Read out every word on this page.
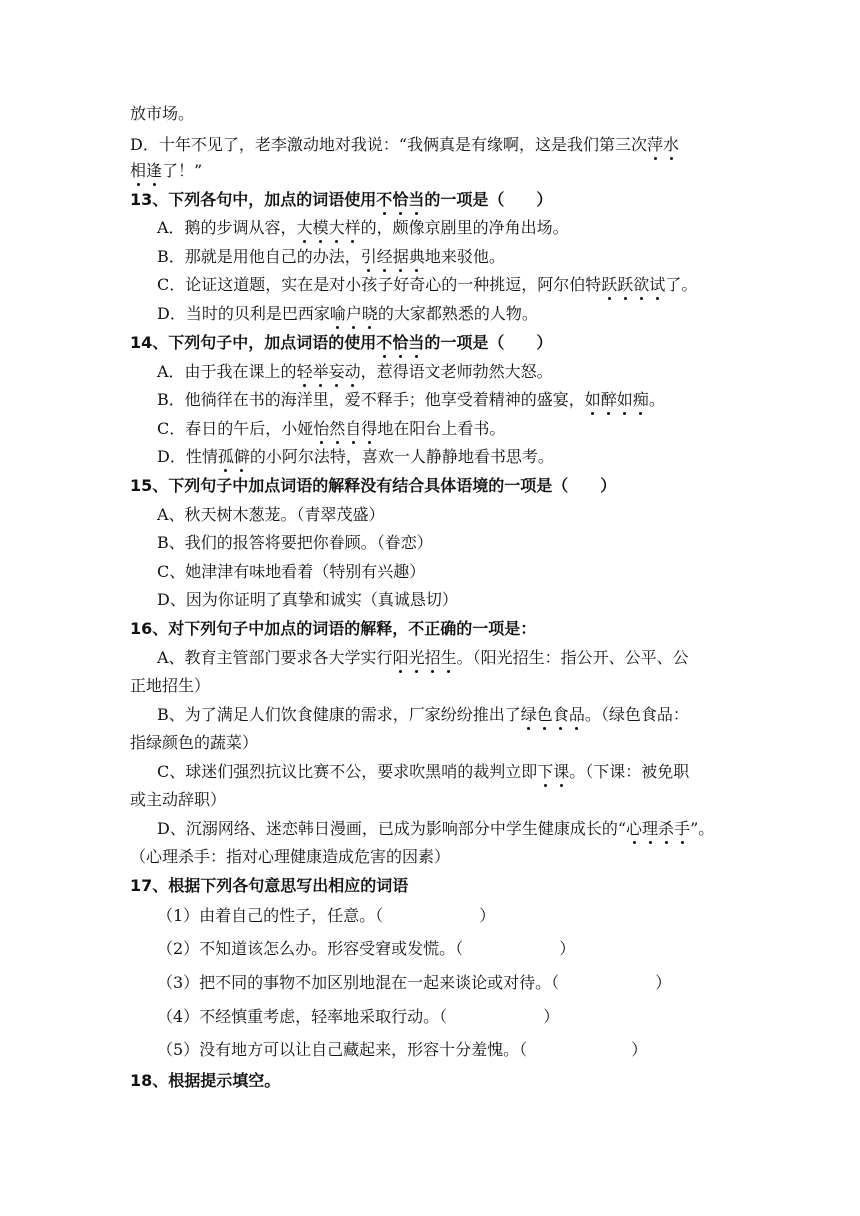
放市场。
D．十年不见了，老李激动地对我说：“我俩真是有缘啊，这是我们第三次萍水
相逢了！”
13、下列各句中，加点的词语使用不恰当的一项是（　　）
A．鹅的步调从容，大模大样的，颇像京剧里的净角出场。
B．那就是用他自己的办法，引经据典地来驳他。
C．论证这道题，实在是对小孩子好奇心的一种挑逗，阿尔伯特跃跃欲试了。
D．当时的贝利是巴西家喻户晓的大家都熟悉的人物。
14、下列句子中，加点词语的使用不恰当的一项是（　　）
A．由于我在课上的轻举妄动，惹得语文老师勃然大怒。
B．他徜徉在书的海洋里，爱不释手；他享受着精神的盛宴，如醉如痴。
C．春日的午后，小娅怡然自得地在阳台上看书。
D．性情孤僻的小阿尔法特，喜欢一人静静地看书思考。
15、下列句子中加点词语的解释没有结合具体语境的一项是（　　）
A、秋天树木葱茏。（青翠茂盛）
B、我们的报答将要把你眷顾。（眷恋）
C、她津津有味地看着（特别有兴趣）
D、因为你证明了真挚和诚实（真诚恳切）
16、对下列句子中加点的词语的解释，不正确的一项是：
A、教育主管部门要求各大学实行阳光招生。（阳光招生：指公开、公平、公
正地招生）
B、为了满足人们饮食健康的需求，厂家纷纷推出了绿色食品。（绿色食品：
指绿颜色的蔬菜）
C、球迷们强烈抗议比赛不公，要求吹黑哨的裁判立即下课。（下课：被免职
或主动辞职）
D、沉溺网络、迷恋韩日漫画，已成为影响部分中学生健康成长的“心理杀手”。
（心理杀手：指对心理健康造成危害的因素）
17、根据下列各句意思写出相应的词语
（1）由着自己的性子，任意。（	）
（2）不知道该怎么办。形容受窘或发慌。（	）
（3）把不同的事物不加区别地混在一起来谈论或对待。（	）
（4）不经慎重考虑，轻率地采取行动。（	）
（5）没有地方可以让自己藏起来，形容十分羞愧。（	）
18、根据提示填空。
